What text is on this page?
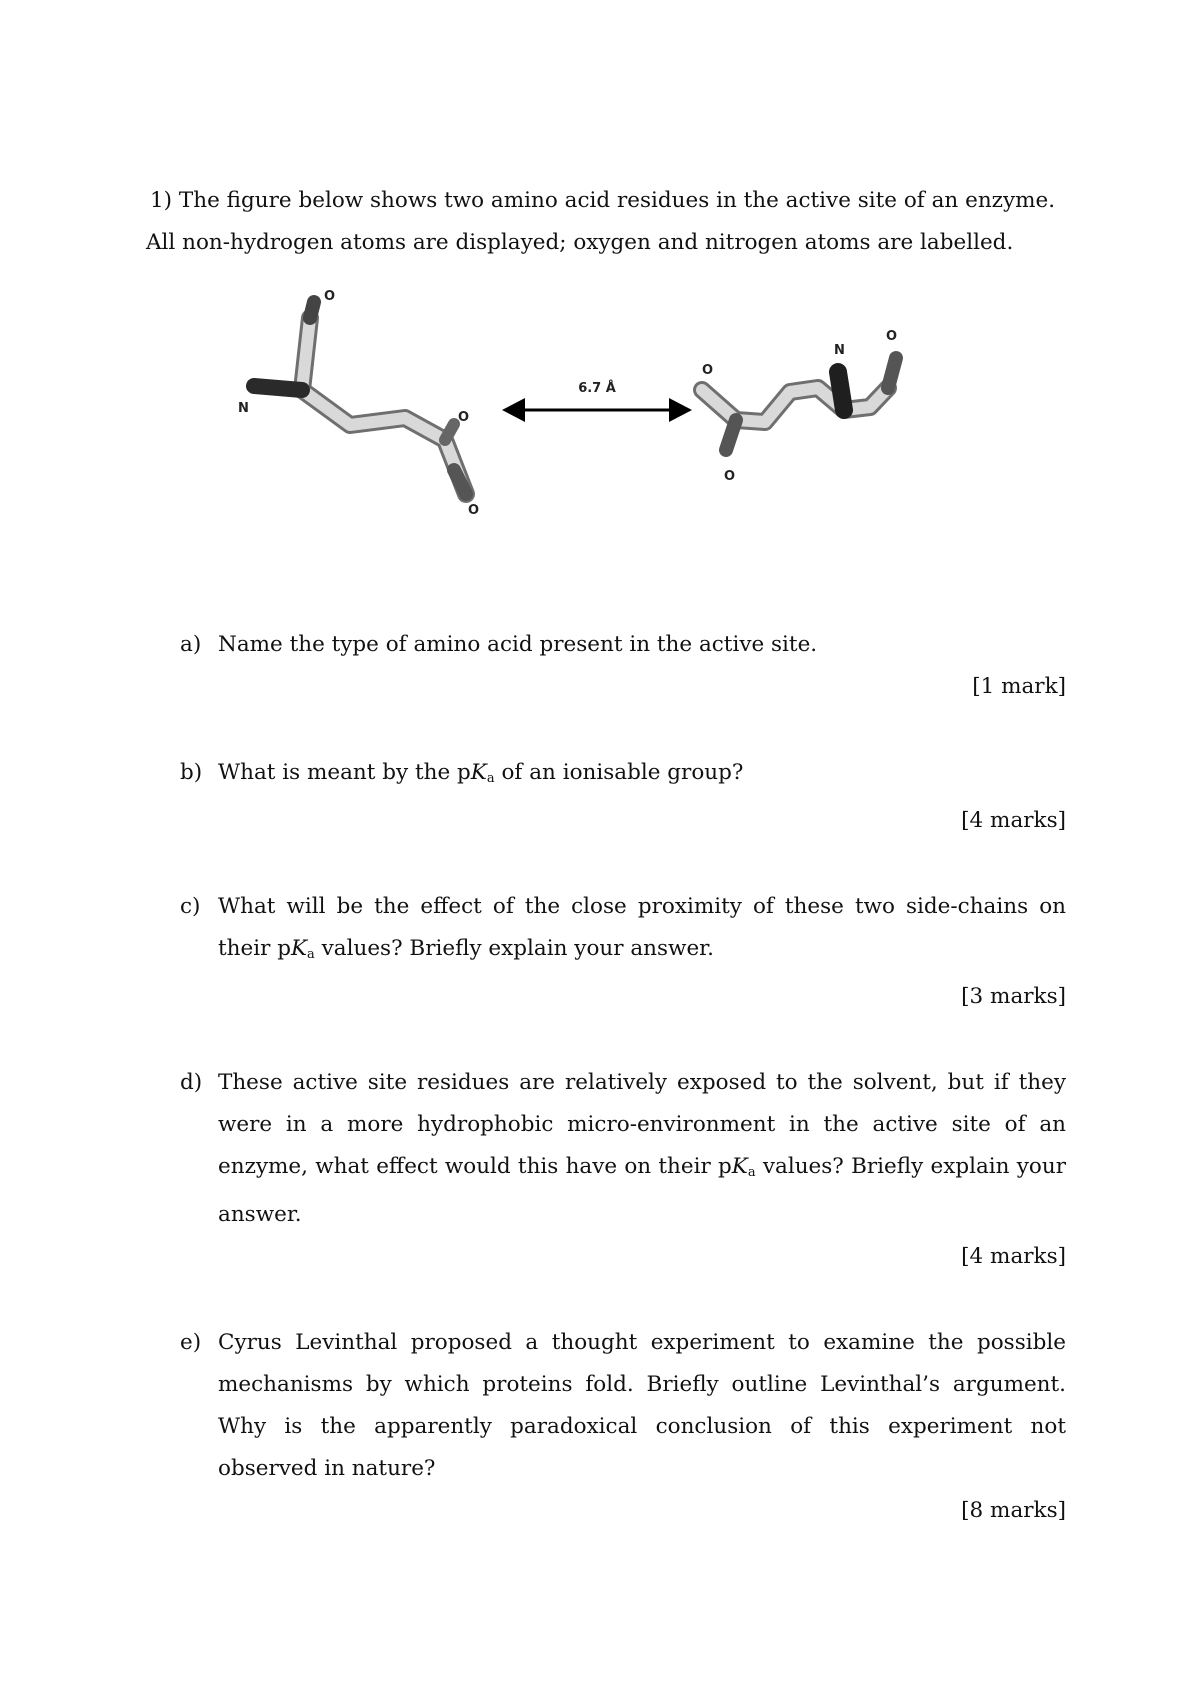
1) The figure below shows two amino acid residues in the active site of an enzyme. All non-hydrogen atoms are displayed; oxygen and nitrogen atoms are labelled.
O
N
O
O
6.7 Å
O
O
N
O
a) Name the type of amino acid present in the active site.
[1 mark]
b) What is meant by the $pK_a$ of an ionisable group?
[4 marks]
c) What will be the effect of the close proximity of these two side-chains on their $pK_a$ values? Briefly explain your answer.
[3 marks]
d) These active site residues are relatively exposed to the solvent, but if they were in a more hydrophobic micro-environment in the active site of an enzyme, what effect would this have on their $pK_a$ values? Briefly explain your answer.
[4 marks]
e) Cyrus Levinthal proposed a thought experiment to examine the possible mechanisms by which proteins fold. Briefly outline Levinthal’s argument. Why is the apparently paradoxical conclusion of this experiment not observed in nature?
[8 marks]
